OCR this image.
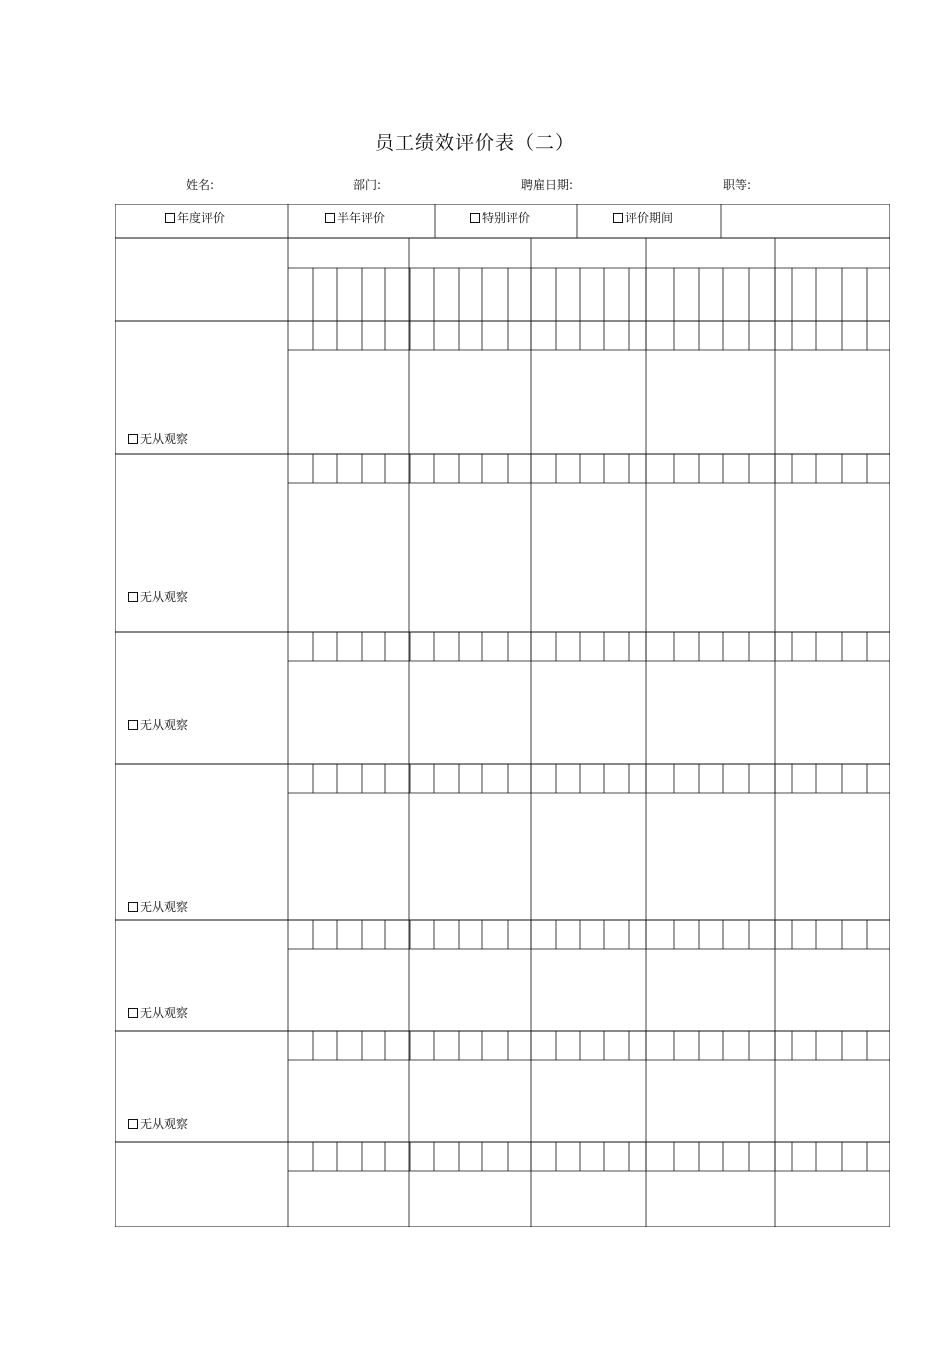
员工绩效评价表（二）
姓名:	部门:	聘雇日期:	职等:
年度评价	半年评价	特别评价	评价期间
无从观察
无从观察
无从观察
无从观察
无从观察
无从观察
